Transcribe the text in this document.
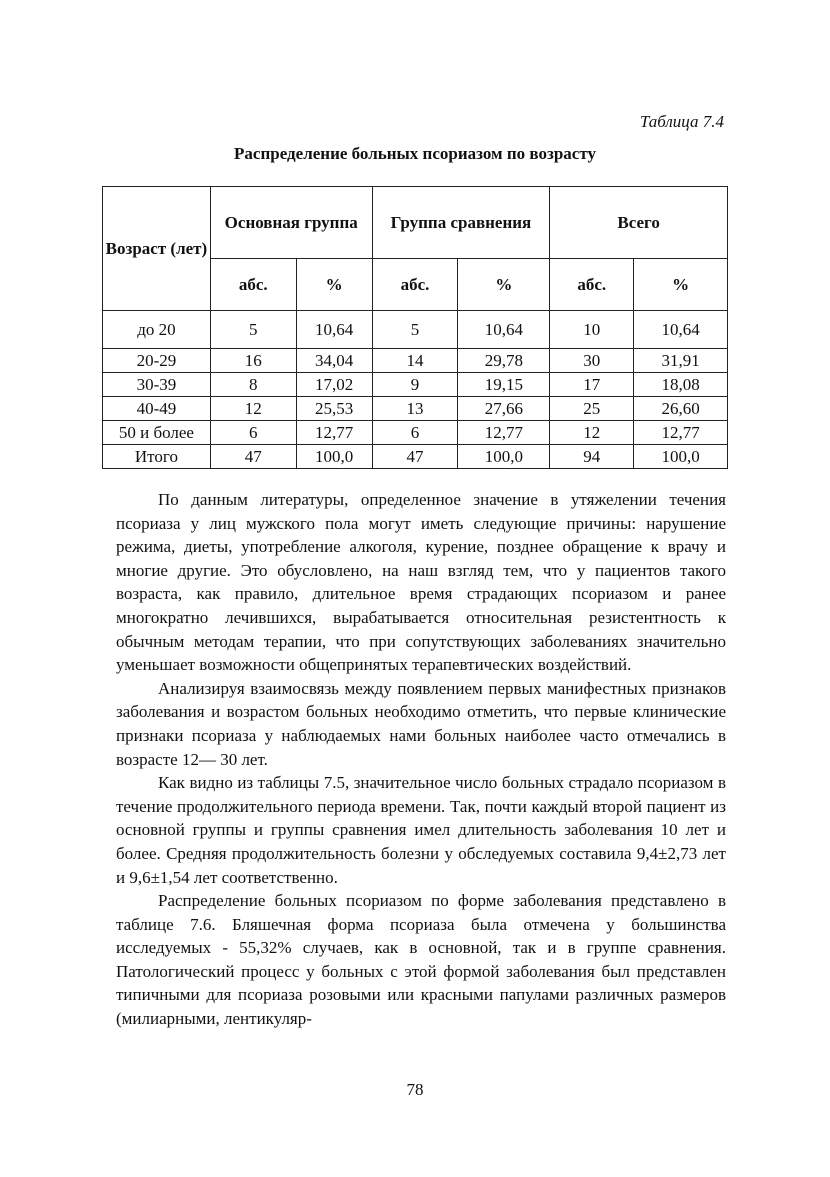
Таблица 7.4
Распределение больных псориазом по возрасту
Возраст (лет)	Основная группа		Группа сравнения		Всего	
	абс.	%	абс.	%	абс.	%
до 20	5	10,64	5	10,64	10	10,64
20-29	16	34,04	14	29,78	30	31,91
30-39	8	17,02	9	19,15	17	18,08
40-49	12	25,53	13	27,66	25	26,60
50 и более	6	12,77	6	12,77	12	12,77
Итого	47	100,0	47	100,0	94	100,0

По данным литературы, определенное значение в утяжелении течения псориаза у лиц мужского пола могут иметь следующие причины: нарушение режима, диеты, употребление алкоголя, курение, позднее обращение к врачу и многие другие. Это обусловлено, на наш взгляд тем, что у пациентов такого возраста, как правило, длительное время страдающих псориазом и ранее многократно лечившихся, вырабатывается относительная резистентность к обычным методам терапии, что при сопутствующих заболеваниях значительно уменьшает возможности общепринятых терапевтических воздействий.

Анализируя взаимосвязь между появлением первых манифестных признаков заболевания и возрастом больных необходимо отметить, что первые клинические признаки псориаза у наблюдаемых нами больных наиболее часто отмечались в возрасте 12— 30 лет.

Как видно из таблицы 7.5, значительное число больных страдало псориазом в течение продолжительного периода времени. Так, почти каждый второй пациент из основной группы и группы сравнения имел длительность заболевания 10 лет и более. Средняя продолжительность болезни у обследуемых составила 9,4±2,73 лет и 9,6±1,54 лет соответственно.

Распределение больных псориазом по форме заболевания представлено в таблице 7.6. Бляшечная форма псориаза была отмечена у большинства исследуемых - 55,32% случаев, как в основной, так и в группе сравнения. Патологический процесс у больных с этой формой заболевания был представлен типичными для псориаза розовыми или красными папулами различных размеров (милиарными, лентикуляр-

78
